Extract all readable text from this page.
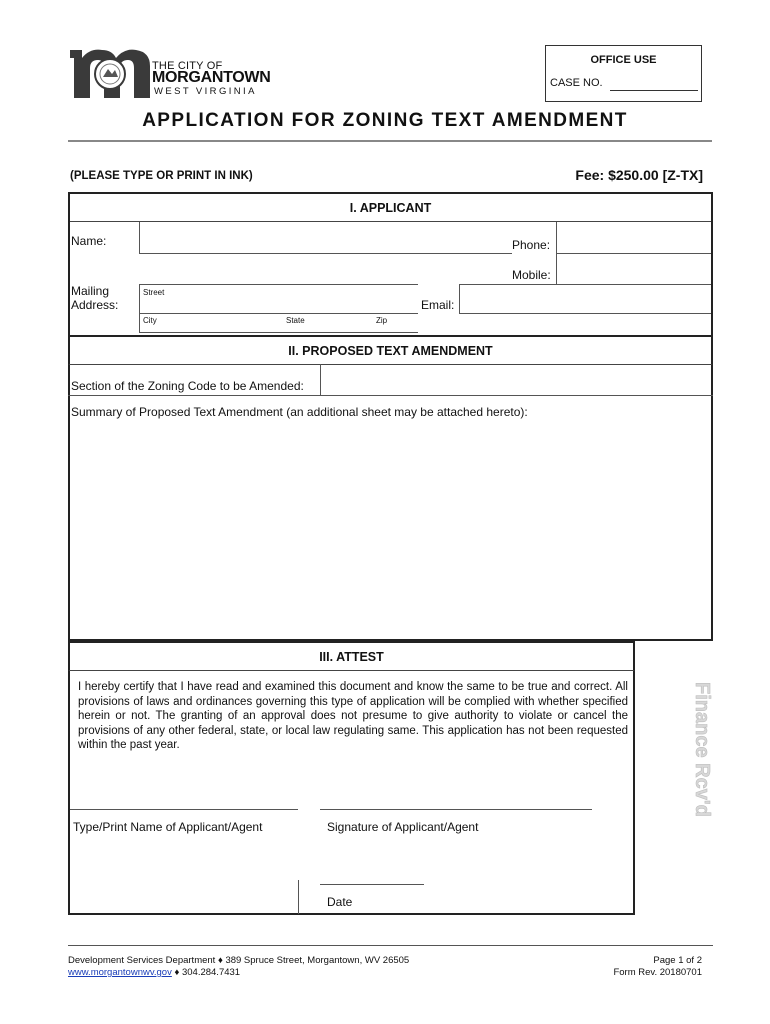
THE CITY OF
MORGANTOWN
WEST VIRGINIA
OFFICE USE
CASE NO.
APPLICATION FOR ZONING TEXT AMENDMENT
(PLEASE TYPE OR PRINT IN INK)	Fee: $250.00 [Z-TX]
I. APPLICANT
Name:	Phone:
Mobile:
Mailing
Address:
Street
City	State	Zip
Email:
II. PROPOSED TEXT AMENDMENT
Section of the Zoning Code to be Amended:
Summary of Proposed Text Amendment (an additional sheet may be attached hereto):
III. ATTEST
I hereby certify that I have read and examined this document and know the same to be true and correct. All provisions of laws and ordinances governing this type of application will be complied with whether specified herein or not. The granting of an approval does not presume to give authority to violate or cancel the provisions of any other federal, state, or local law regulating same. This application has not been requested within the past year.
Type/Print Name of Applicant/Agent	Signature of Applicant/Agent
Date
Finance Rcv'd
Development Services Department ♦ 389 Spruce Street, Morgantown, WV 26505
www.morgantownwv.gov ♦ 304.284.7431
Page 1 of 2
Form Rev. 20180701
